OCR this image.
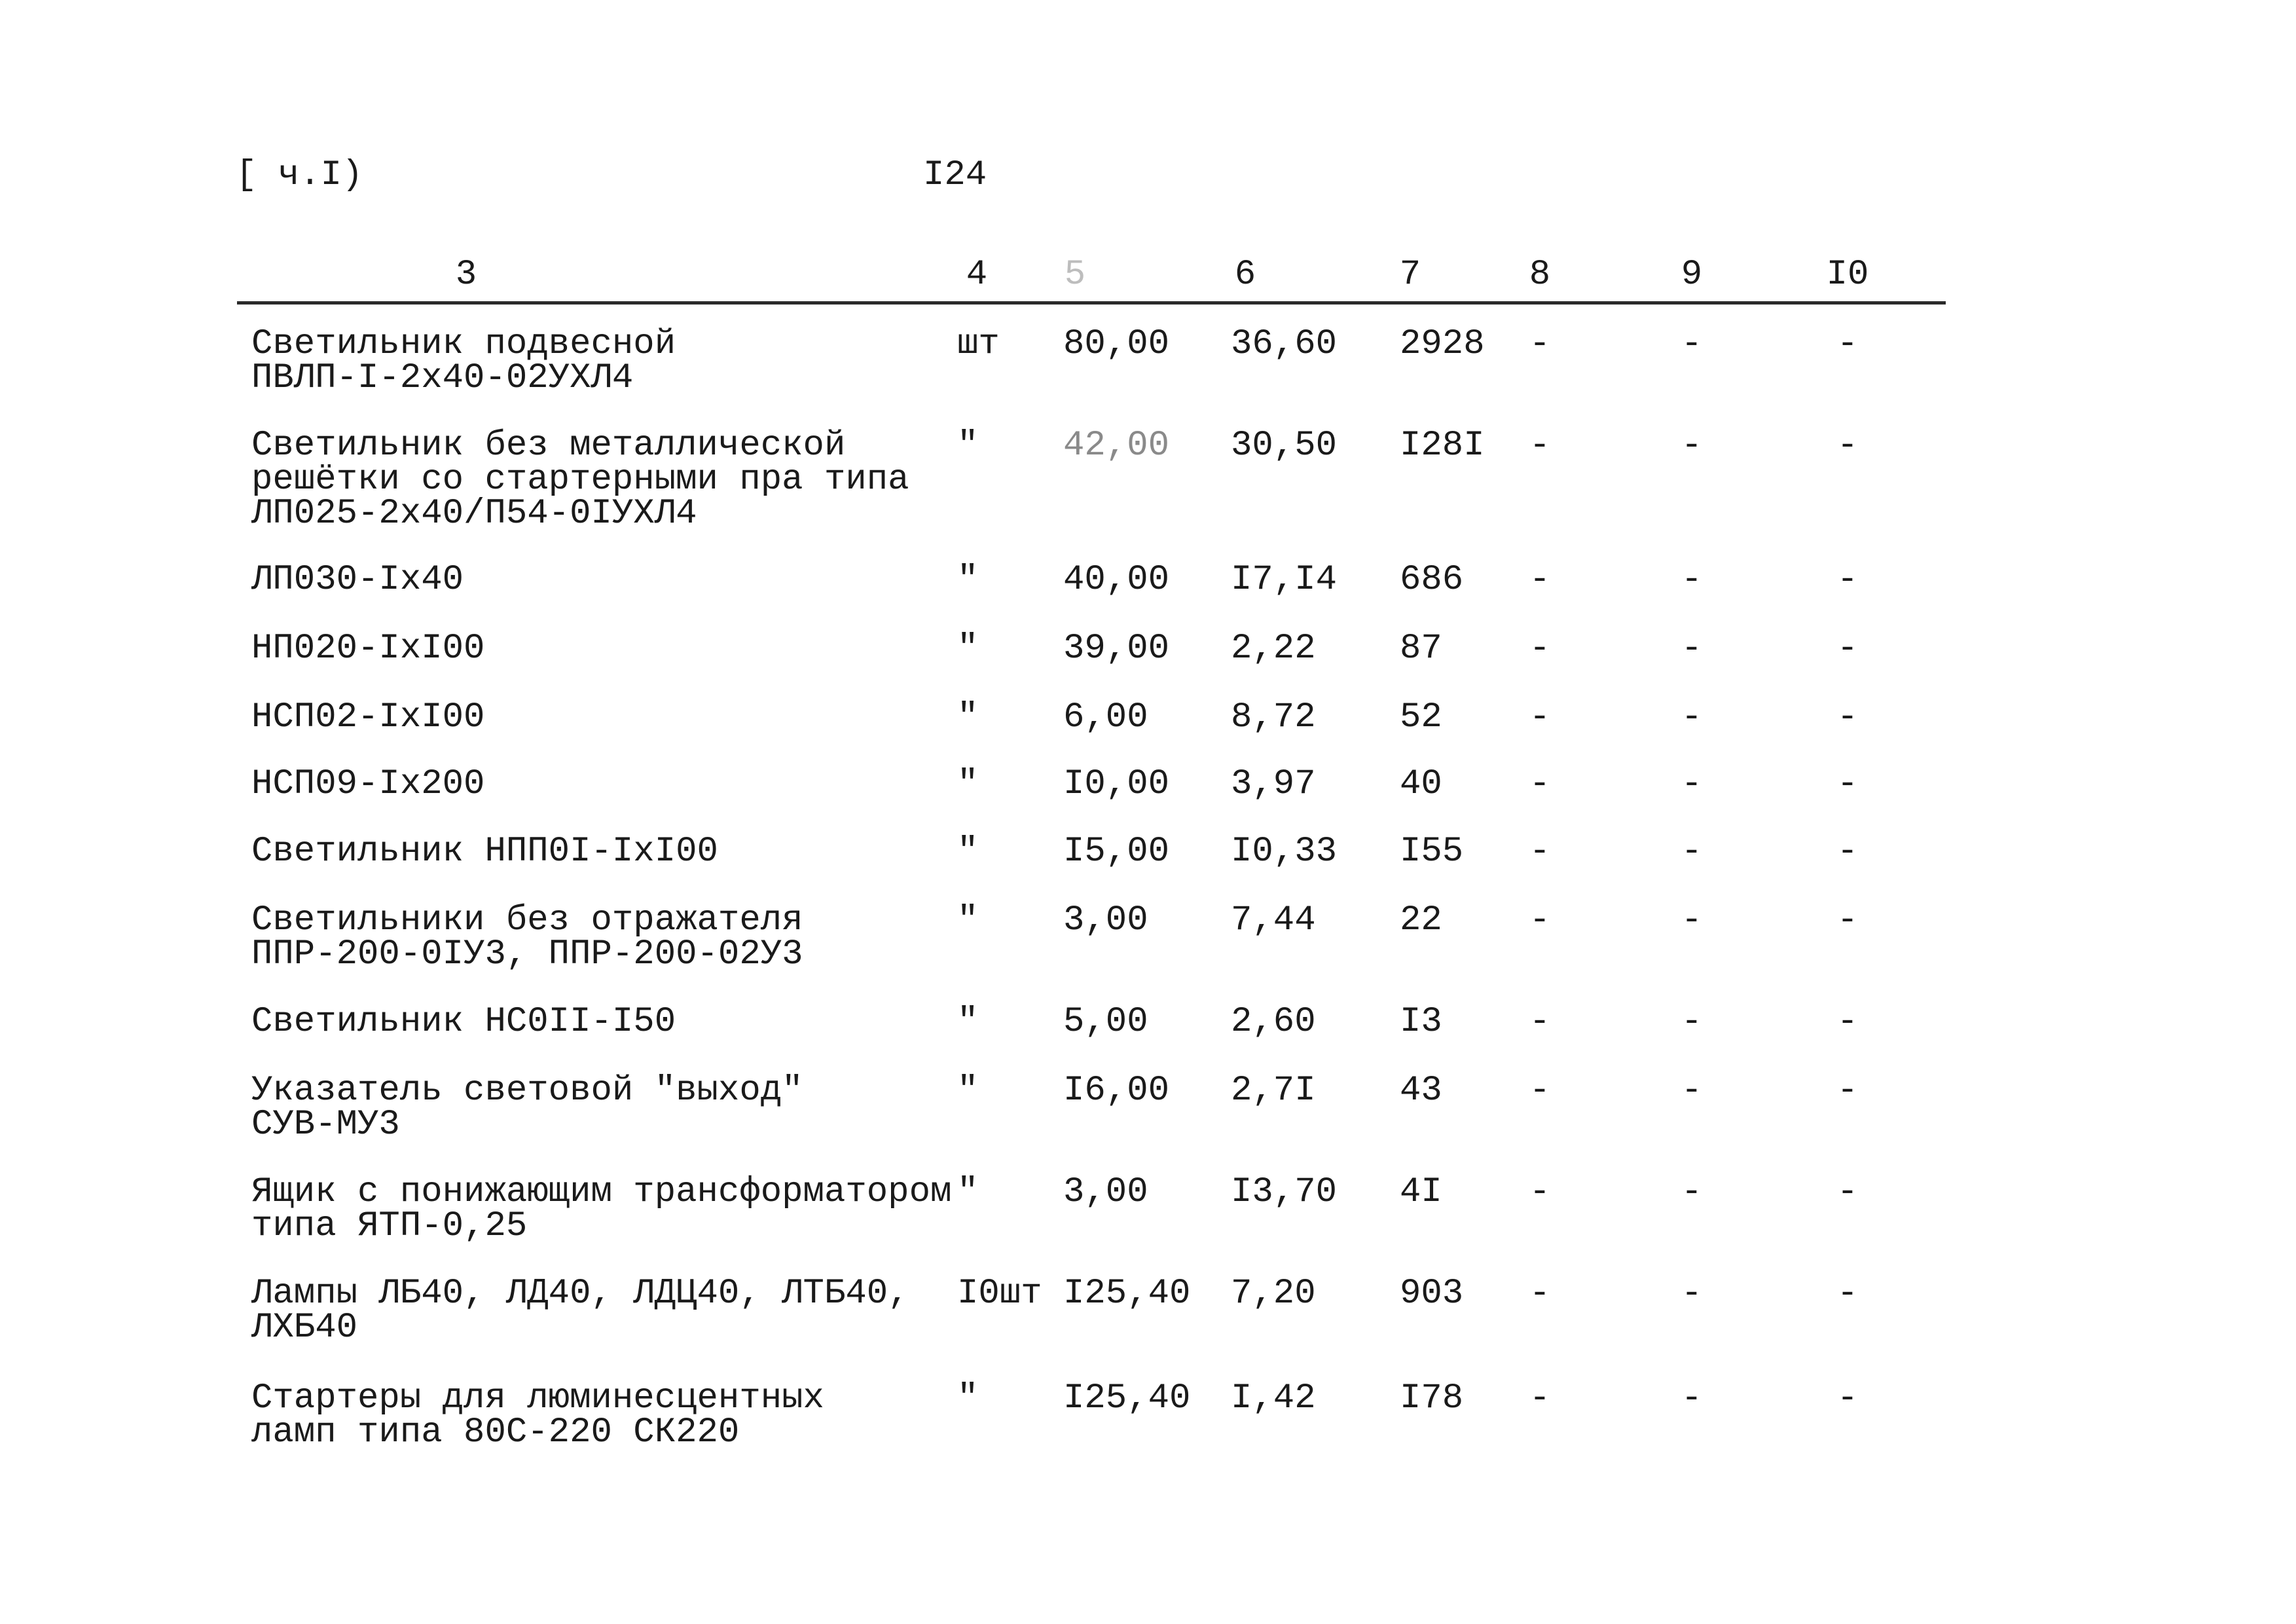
[ ч.I)	I24
3	4	5	6	7	8	9	I0
Светильник подвесной
ПВЛП-I-2х40-02УХЛ4
шт	80,00	36,60	2928	-	-	-
Светильник без металлической
решётки со стартерными пра типа
ЛП025-2х40/П54-0IУХЛ4
"	42,00	30,50	I28I	-	-	-
ЛП030-Iх40	"	40,00	I7,I4	686	-	-	-
НП020-IхI00	"	39,00	2,22	87	-	-	-
НСП02-IхI00	"	6,00	8,72	52	-	-	-
НСП09-Iх200	"	I0,00	3,97	40	-	-	-
Светильник НПП0I-IхI00	"	I5,00	I0,33	I55	-	-	-
Светильники без отражателя
ППР-200-0IУ3, ППР-200-02У3
"	3,00	7,44	22	-	-	-
Светильник НС0II-I50	"	5,00	2,60	I3	-	-	-
Указатель световой "выход"
СУВ-МУ3
"	I6,00	2,7I	43	-	-	-
Ящик с понижающим трансформатором
типа ЯТП-0,25
"	3,00	I3,70	4I	-	-	-
Лампы ЛБ40, ЛД40, ЛДЦ40, ЛТБ40,
ЛХБ40
I0шт I25,40	7,20	903	-	-	-
Стартеры для люминесцентных
ламп типа 80С-220 СК220
"	I25,40	I,42	I78	-	-	-
